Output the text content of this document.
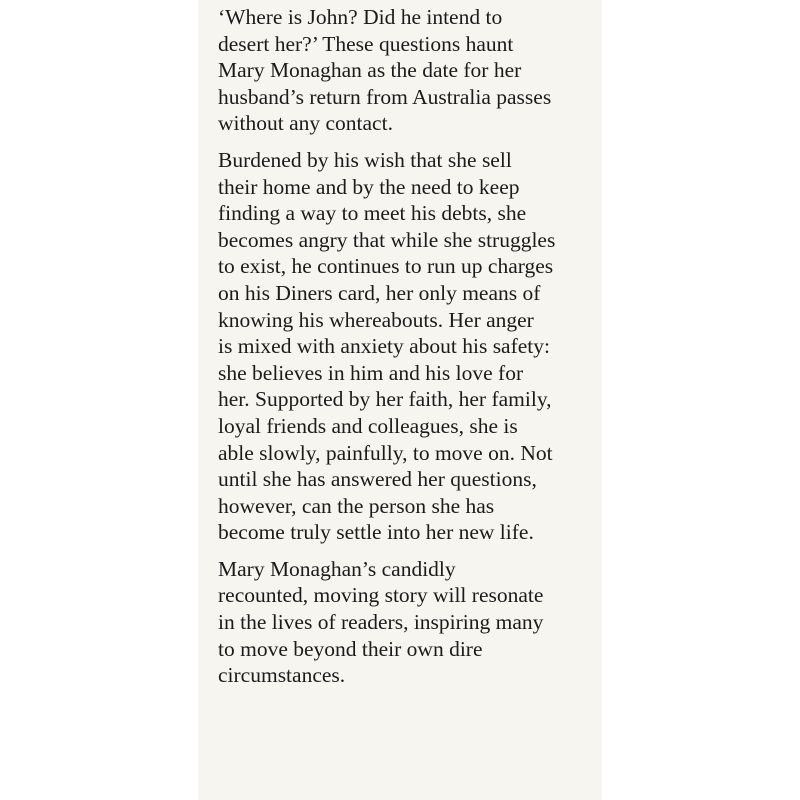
‘Where is John? Did he intend to
desert her?’ These questions haunt
Mary Monaghan as the date for her
husband’s return from Australia passes
without any contact.

Burdened by his wish that she sell
their home and by the need to keep
finding a way to meet his debts, she
becomes angry that while she struggles
to exist, he continues to run up charges
on his Diners card, her only means of
knowing his whereabouts. Her anger
is mixed with anxiety about his safety:
she believes in him and his love for
her. Supported by her faith, her family,
loyal friends and colleagues, she is
able slowly, painfully, to move on. Not
until she has answered her questions,
however, can the person she has
become truly settle into her new life.

Mary Monaghan’s candidly
recounted, moving story will resonate
in the lives of readers, inspiring many
to move beyond their own dire
circumstances.
